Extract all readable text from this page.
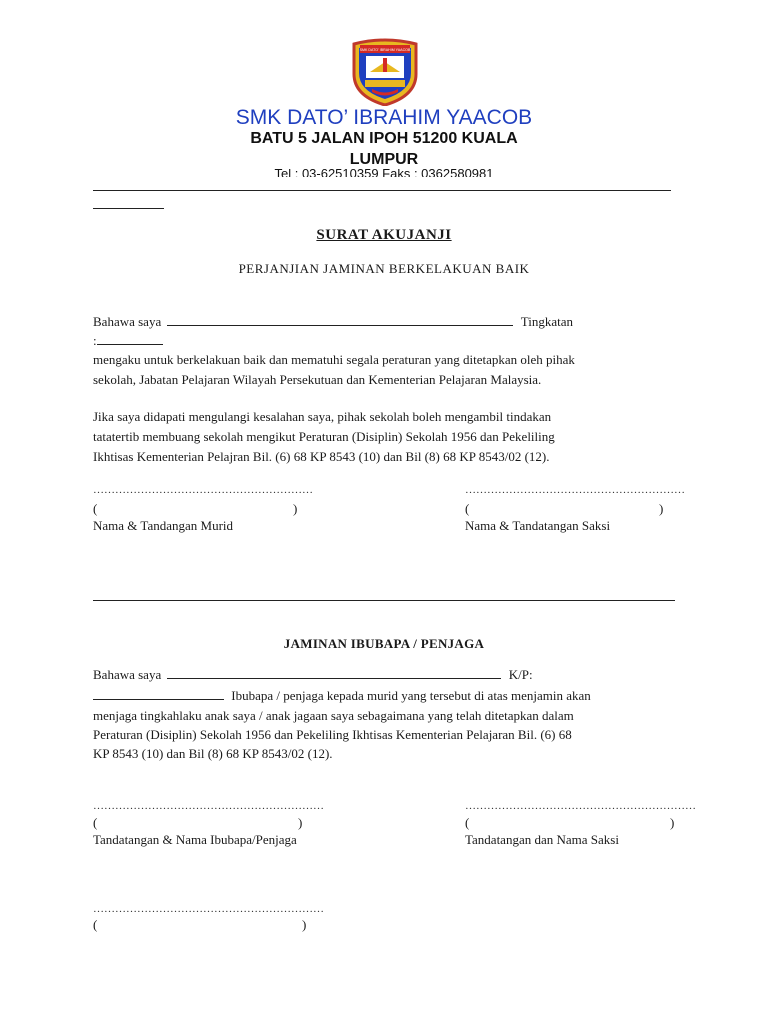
SMK DATO' IBRAHIM YAACOB
SMK DATO’ IBRAHIM YAACOB
BATU 5 JALAN IPOH 51200 KUALA
LUMPUR
Tel : 03-62510359 Faks : 0362580981
SURAT AKUJANJI
PERJANJIAN JAMINAN BERKELAKUAN BAIK
Bahawa saya	Tingkatan
:
mengaku untuk berkelakuan baik dan mematuhi segala peraturan yang ditetapkan oleh pihak
sekolah, Jabatan Pelajaran Wilayah Persekutuan dan Kementerian Pelajaran Malaysia.
Jika saya didapati mengulangi kesalahan saya, pihak sekolah boleh mengambil tindakan
tatatertib membuang sekolah mengikut Peraturan (Disiplin) Sekolah 1956 dan Pekeliling
Ikhtisas Kementerian Pelajran Bil. (6) 68 KP 8543 (10) dan Bil (8) 68 KP 8543/02 (12).
……………………………………………………
(	)
Nama & Tandangan Murid
……………………………………………………
(	)
Nama & Tandatangan Saksi
JAMINAN IBUBAPA / PENJAGA
Bahawa saya	K/P:
Ibubapa / penjaga kepada murid yang tersebut di atas menjamin akan
menjaga tingkahlaku anak saya / anak jagaan saya sebagaimana yang telah ditetapkan dalam
Peraturan (Disiplin) Sekolah 1956 dan Pekeliling Ikhtisas Kementerian Pelajaran Bil. (6) 68
KP 8543 (10) dan Bil (8) 68 KP 8543/02 (12).
………………………………………………………
(	)
Tandatangan & Nama Ibubapa/Penjaga
………………………………………………………
(	)
Tandatangan dan Nama Saksi
………………………………………………………
(	)
